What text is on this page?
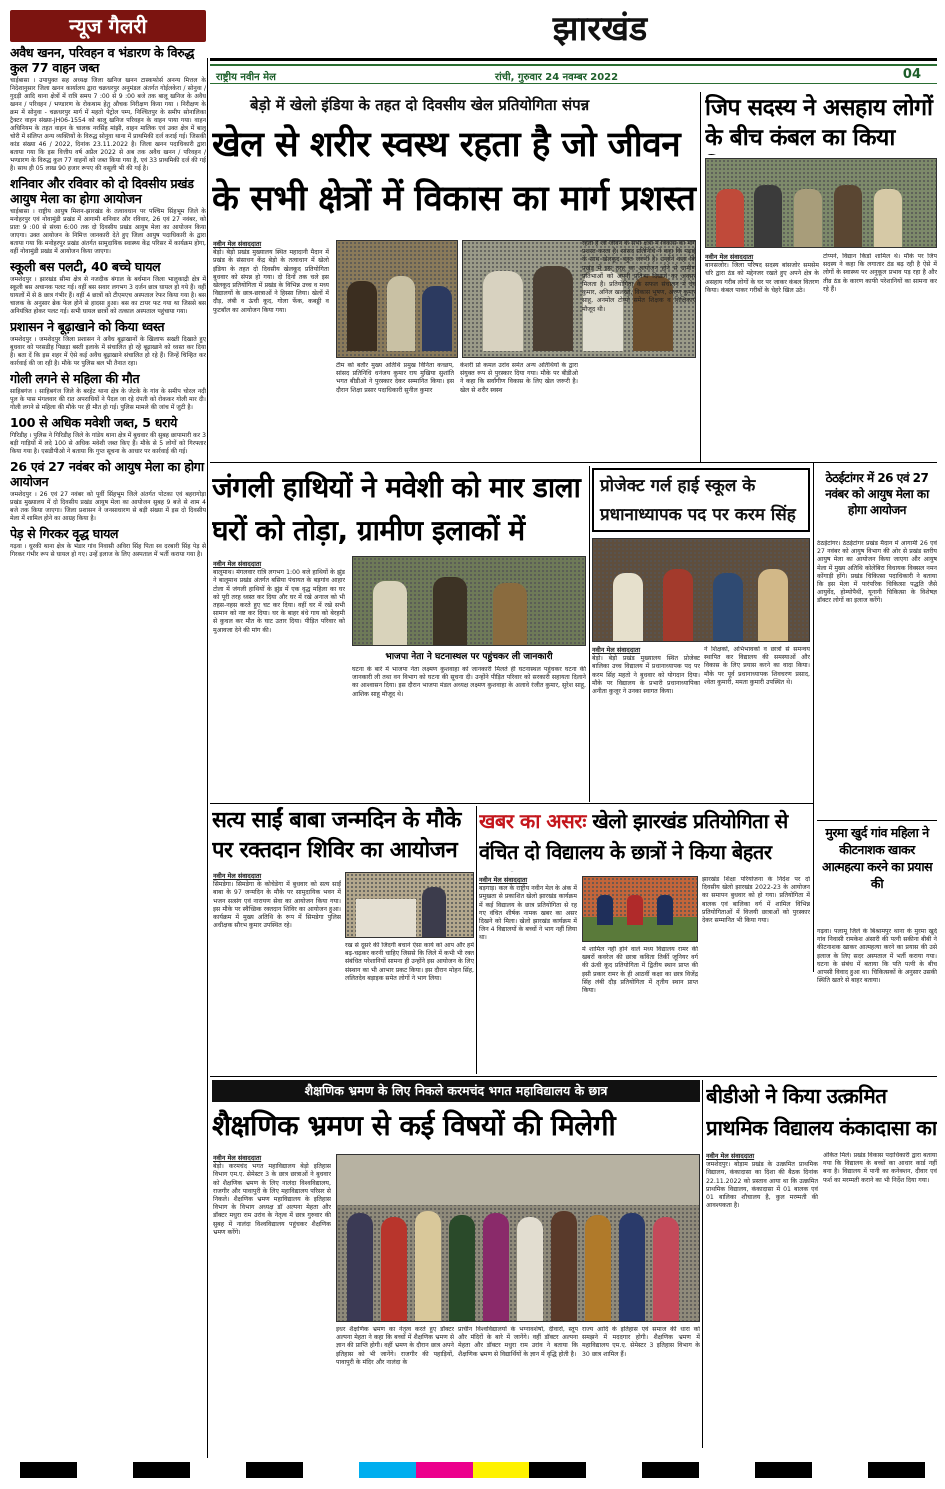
झारखंड
राष्ट्रीय नवीन मेल	रांची, गुरुवार 24 नवम्बर 2022	04
न्यूज गैलरी
अवैध खनन, परिवहन व भंडारण के विरुद्ध कुल 77 वाहन जब्त

चाईबासा । उपायुक्त सह अध्यक्ष जिला खनिज खनन टास्कफोर्स अनन्य मित्तल के निदेशानुसार जिला खनन कार्यालय द्वारा चक्रधरपुर अनुमंडल अंतर्गत गोईलकेरा / सोनुवा / गुदड़ी आदि थाना क्षेत्रों में रात्रि समय 7 :00 से 9 :00 बजे तक बालू खनिज के अवैध खनन / परिवहन / भण्डारण के रोकथाम हेतु औचक निरीक्षण किया गया । निरीक्षण के क्रम में सोनुवा - चक्रधरपुर मार्ग में महतो पेट्रोल पम्प, निश्चितपुर के समीप सोनालिका ट्रैक्टर वाहन संख्या-JH06-1554 को बालू खनिज परिवहन के वाहन पाया गया। वाहन अधिनियम के तहत वाहन के चालक नरसिंह मांझी, वाहन मालिक एवं उक्त क्षेत्र में बालू चोरी में संलिप्त अन्य व्यक्तियों के विरुद्ध सोनुवा थाना में प्राथमिकी दर्ज कराई गई। जिसकी कांड संख्या 46 / 2022, दिनांक 23.11.2022 है। जिला खनन पदाधिकारी द्वारा बताया गया कि इस वित्तीय वर्ष अप्रैल 2022 से अब तक अवैध खनन / परिवहन / भण्डारण के विरुद्ध कुल 77 वाहनों को जब्त किया गया है, एवं 33 प्राथमिकी दर्ज की गई है। साथ ही 05 लाख 90 हजार रूपए की वसूली भी की गई है।

शनिवार और रविवार को दो दिवसीय प्रखंड आयुष मेला का होगा आयोजन

चाईबासा । राष्ट्रीय आयुष मिशन-झारखंड के तत्वावधान पर पश्चिम सिंहभूम जिले के मनोहरपुर एवं नोवामुंडी प्रखंड में आगामी शनिवार और रविवार, 26 एवं 27 नवंबर, को प्रातः 9 :00 से संध्या 6:00 तक दो दिवसीय प्रखंड आयुष मेला का आयोजन किया जाएगा। उक्त आयोजन के निमित्त जानकारी देते हुए जिला आयुष पदाधिकारी के द्वारा बताया गया कि मनोहरपुर प्रखंड अंतर्गत सामुदायिक स्वास्थ्य केंद्र परिसर में कार्यक्रम होगा, वहीं नोवामुंडी प्रखंड में आयोजन किया जाएगा।

स्कूली बस पलटी, 40 बच्चे घायल

जमशेदपुर । झारखंड सीमा क्षेत्र से नजदीक बंगाल के बर्धमान जिला भालुकाद्री क्षेत्र में स्कूली बस अचानक पलट गई। वहीं बस सवार लगभग 3 दर्जन छात्र घायल हो गये हैं। वहीं घायलों में से 8 छात्र गंभीर हैं। वहीं 4 छात्रों को टीएमएच अस्पताल रेफर किया गया है। बस चालक के अनुसार ब्रेक फेल होने से हादसा हुआ। बस का टायर फट गया था जिससे बस अनियंत्रित होकर पलट गई। सभी घायल छात्रों को तत्काल अस्पताल पहुंचाया गया।

प्रशासन ने बूढ़ाखाने को किया ध्वस्त

जमशेदपुर । जमशेदपुर जिला प्रशासन ने अवैध बूढ़ाखानों के खिलाफ सख्ती दिखाते हुए बुधवार को परसडीह पिछड़ा बस्ती इलाके में संचालित हो रहे बूढ़ाखाने को ध्वस्त कर दिया है। बता दें कि इस शहर में ऐसे कई अवैध बूढ़ाखाने संचालित हो रहे हैं। जिन्हें चिन्हित कर कार्रवाई की जा रही है। मौके पर पुलिस बल भी तैनात रहा।

गोली लगने से महिला की मौत

साहिबगंज । साहिबगंज जिले के बरहेट थाना क्षेत्र के जेटके के गांव के समीप चोरल नदी पुल के पास मंगलवार की रात अपराधियों ने पैदल जा रहे दंपती को रोककर गोली मार दी। गोली लगने से महिला की मौके पर ही मौत हो गई। पुलिस मामले की जांच में जुटी है।

100 से अधिक मवेशी जब्त, 5 धराये

गिरिडीह । पुलिस ने गिरिडीह जिले के गांडेय थाना क्षेत्र में बुधवार की सुबह छापामारी कर 3 बड़ी गाड़ियों में लदे 100 से अधिक मवेशी जब्त किए हैं। मौके से 5 लोगों को गिरफ्तार किया गया है। एसडीपीओ ने बताया कि गुप्त सूचना के आधार पर कार्रवाई की गई।

26 एवं 27 नवंबर को आयुष मेला का होगा आयोजन

जमशेदपुर । 26 एवं 27 नवंबर को पूर्वी सिंहभूम जिले अंतर्गत पोटका एवं बहरागोड़ा प्रखंड मुख्यालय में दो दिवसीय प्रखंड आयुष मेला का आयोजन सुबह 9 बजे से शाम 4 बजे तक किया जाएगा। जिला प्रशासन ने जनसाधारण से बड़ी संख्या में इस दो दिवसीय मेला में शामिल होने का आग्रह किया है।

पेड़ से गिरकर वृद्ध घायल

गढ़वा । धुरकी थाना क्षेत्र के भंडार गांव निवासी अविरा सिंह पिता स्व दरबारी सिंह पेड़ से गिरकर गंभीर रूप से घायल हो गए। उन्हें इलाज के लिए अस्पताल में भर्ती कराया गया है।

बेड़ो में खेलो इंडिया के तहत दो दिवसीय खेल प्रतियोगिता संपन्न
खेल से शरीर स्वस्थ रहता है जो जीवन के सभी क्षेत्रों में विकास का मार्ग प्रशस्त
नवीन मेल संवाददाता
बेड़ो। बेड़ो प्रखंड मुख्यालय स्थित महादानी मैदान में प्रखंड के संसाधन केंद्र बेड़ो के तत्वाधान में खेलो इंडिया के तहत दो दिवसीय खेलकूद प्रतियोगिता बुधवार को संपन्न हो गया। दो दिनों तक चले इस खेलकूद प्रतियोगिता में प्रखंड के विभिन्न उच्च व मध्य विद्यालयों के छात्र-छात्राओं ने हिस्सा लिया। खेलों में दौड़, लंबी व ऊंची कूद, गोला फेंक, कबड्डी व फुटबॉल का आयोजन किया गया।
टीम को बतौर मुख्य अतिथि प्रमुख विनिता कच्छप, सांसद प्रतिनिधि धनंजय कुमार राय मुखिया सुशांति भगत बीडीओ ने पुरस्कार देकर सम्मानित किया। इस दौरान शिक्षा प्रसार पदाधिकारी सुनील कुमार
केशरी प्रो कमल उरांव समेत अन्य अतिथियों के द्वारा संयुक्त रूप से पुरस्कार दिया गया। मौके पर बीडीओ ने कहा कि सर्वांगीण विकास के लिए खेल जरूरी है। खेल से शरीर स्वस्थ
रहता है जो जीवन के सभी क्षेत्रों में विकास का मार्ग प्रशस्त करता है। सांसद प्रतिनिधि ने कहा कि पढ़ाई के साथ खेलकूद बहुत जरूरी है। उन्होंने कहा कि प्रखंड में इस तरह का आयोजन होने से ग्रामीण प्रतिभाओं को अपनी प्रतिभा दिखाने का अवसर मिलता है। प्रतियोगिता के सफल संचालन में देव कुमार, अनिल खलखो, विकास भूषण, अरुण कुमार साहू, अनमोल टोप्पो समेत शिक्षक व शिक्षिकाएं मौजूद थी।
जिप सदस्य ने असहाय लोगों के बीच कंबल का किया
नवीन मेल संवाददाता
बानसजोर। जिला परिषद सदस्य बांसजोर समसेम चरि द्वारा ठंड को मद्देनजर रखते हुए अपने क्षेत्र के असहाय गरीब लोगों के घर पर जाकर कंबल वितरण किया। कंबल पाकर गरीबों के चेहरे खिल उठे।
टोप्पने, विद्यान किंडो शामिल थे। मौके पर जिप सदस्य ने कहा कि लगातार ठंड बढ़ रही है ऐसे में लोगों के स्वास्थ्य पर अनुकूल प्रभाव पड़ रहा है और तीव्र ठंड के कारण काफी परेशानियों का सामना कर रहे हैं।
जंगली हाथियों ने मवेशी को मार डाला घरों को तोड़ा, ग्रामीण इलाकों में
नवीन मेल संवाददाता
बालूमाथ। मंगलवार रात्रि लगभग 1:00 बजे हाथियों के झुंड ने बालूमाथ प्रखंड अंतर्गत बसिया पंचायत के बड़गांव आहार टोला में जंगली हाथियों के झुंड में एक वृद्ध महिला का घर को पूरी तरह ध्वस्त कर दिया और घर में रखे अनाज को भी तहस-नहस करते हुए चट कर दिया। वहीं घर में रखे सभी सामान को नष्ट कर दिया। घर के बाहर बंधे गाय को बेरहमी से कुचल कर मौत के घाट उतार दिया। पीड़ित परिवार को मुआवजा देने की मांग की।
भाजपा नेता ने घटनास्थल पर पहुंचकर ली जानकारी
घटना के बारे में भाजपा नेता लक्ष्मण कुशवाहा को जानकारी मिलते ही घटनास्थल पहुंचकर घटना की जानकारी ली तथा वन विभाग को घटना की सूचना दी। उन्होंने पीड़ित परिवार को सरकारी सहायता दिलाने का आश्वासन दिया। इस दौरान भाजपा मंडल अध्यक्ष लक्ष्मण कुशवाहा के अलावे रंजीत कुमार, सुरेश साहू, आशिक साहू मौजूद थे।
प्रोजेक्ट गर्ल हाई स्कूल के प्रधानाध्यापक पद पर करम सिंह
नवीन मेल संवाददाता
बेड़ो। बेड़ो प्रखंड मुख्यालय स्थित प्रोजेक्ट बालिका उच्च विद्यालय में प्रधानाध्यापक पद पर करम सिंह महतो ने बुधवार को योगदान दिया। मौके पर विद्यालय के प्रभारी प्रधानाध्यापिका अनीता कुजूर ने उनका स्वागत किया।
ने शिक्षकों, अभिभावकों व छात्रों से समन्वय स्थापित कर विद्यालय की समस्याओं और विकास के लिए प्रयास करने का वादा किया। मौके पर पूर्व प्रधानाध्यापक शिवचरण प्रसाद, श्वेता कुमारी, ममता कुमारी उपस्थित थे।
ठेठईटांगर में 26 एवं 27 नवंबर को आयुष मेला का होगा आयोजन
ठेठईटांगर। ठेठईटांगर प्रखंड मैदान में आगामी 26 एवं 27 नवंबर को आयुष विभाग की ओर से प्रखंड स्तरीय आयुष मेला का आयोजन किया जाएगा और आयुष मेला में मुख्य अतिथि कोलेबिरा विधायक विक्सल नमन कोंगाड़ी होंगे। प्रखंड चिकित्सा पदाधिकारी ने बताया कि इस मेला में पारंपरिक चिकित्सा पद्धति जैसे आयुर्वेद, होम्योपैथी, यूनानी चिकित्सा के विशेषज्ञ डॉक्टर लोगों का इलाज करेंगे।
मुरमा खुर्द गांव महिला ने कीटनाशक खाकर आत्महत्या करने का प्रयास की
गढ़वा। पलामू जिले के बिश्रामपुर थाना के मुरमा खुर्द गांव निवासी रामकेश अंसारी की पत्नी सकीना बीबी ने कीटनाशक खाकर आत्महत्या करने का प्रयास की उसे इलाज के लिए सदर अस्पताल में भर्ती कराया गया। घटना के संबंध में बताया कि पति पत्नी के बीच आपसी विवाद हुआ था। चिकित्सकों के अनुसार उसकी स्थिति खतरे से बाहर बताया।
सत्य साईं बाबा जन्मदिन के मौके पर रक्तदान शिविर का आयोजन
नवीन मेल संवाददाता
सिमडेगा। सिमडेगा के कोचेडेगा में बुधवार को सत्य साईं बाबा के 97 जन्मदिन के मौके पर सामुदायिक भवन में भजन सत्संग एवं नारायण सेवा का आयोजन किया गया। इस मौके पर स्वैच्छिक रक्तदान शिविर का आयोजन हुआ। कार्यक्रम में मुख्य अतिथि के रूप में सिमडेगा पुलिस अधीक्षक सौरभ कुमार उपस्थित रहे।
रख से दूसरे की जिंदगी बचाने ऐसा कार्य को आप और हमें बढ़-चढ़कर करनी चाहिए जिससे कि जिले में कभी भी रक्त संबंधित परेशानियों सामना ही उन्होंने इस आयोजन के लिए संस्थान का भी आभार प्रकट किया। इस दौरान मोहन सिंह, ललितदेव बड़ाइक समेत लोगों ने भाग लिया।
खबर का असरः खेलो झारखंड प्रतियोगिता से वंचित दो विद्यालय के छात्रों ने किया बेहतर
नवीन मेल संवाददाता
बड़गाड़। कल के राष्ट्रीय नवीन मेल के अंक में प्रमुखता से प्रकाशित खेलो झारखंड कार्यक्रम में कई विद्यालय के छात्र प्रतियोगिता से रह गए वंचित शीर्षक नामक खबर का असर दिखने को मिला। खेलो झारखंड कार्यक्रम में जिन 4 विद्यालयों के बच्चों ने भाग नहीं लिया था।
में शामिल नहीं होने वाले मध्य विद्यालय रामर की खबरों कवरेज की छात्रा कविता तिर्की जूनियर वर्ग की ऊंची कूद प्रतियोगिता में द्वितीय स्थान प्राप्त की इसी प्रकार रामर के ही आठवीं कक्षा का छात्र विजेंद्र सिंह लंबी दौड़ प्रतियोगिता में तृतीय स्थान प्राप्त किया।
झारखंड शिक्षा परियोजना के निर्देश पर दो दिवसीय खेलो झारखंड 2022-23 के आयोजन का समापन बुधवार को हो गया। प्रतियोगिता में बालक एवं बालिका वर्ग में शामिल विभिन्न प्रतियोगिताओं में विजयी छात्राओं को पुरस्कार देकर सम्मानित भी किया गया।
शैक्षणिक भ्रमण के लिए निकले करमचंद भगत महाविद्यालय के छात्र
शैक्षणिक भ्रमण से कई विषयों की मिलेगी
नवीन मेल संवाददाता
बेड़ो। करमचंद भगत महाविद्यालय बेड़ो इतिहास विभाग एम.ए. सेमेस्टर 3 के छात्र छात्राओं ने बुधवार को शैक्षणिक भ्रमण के लिए नालंदा विश्वविद्यालय, राजगीर और पावापुरी के लिए महाविद्यालय परिसर से निकले। शैक्षणिक भ्रमण महाविद्यालय के इतिहास विभाग के विभाग अध्यक्ष डॉ अल्पना मेहता और डॉक्टर मधुरा राम उरांव के नेतृत्व में छात्र गुरुवार की सुबह में नालंदा विश्वविद्यालय पहुंचकर शैक्षणिक भ्रमण करेंगे।
इधर शैक्षणिक भ्रमण का नेतृत्व करते हुए डॉक्टर अल्पना मेहता ने कहा कि बच्चों में शैक्षणिक भ्रमण से ज्ञान की प्राप्ति होगी। वहीं भ्रमण के दौरान छात्र अपने इतिहास को भी जानेंगे। राजगीर की पहाड़ियों, पावापुरी के मंदिर और नालंदा के
प्राचीन विश्वविद्यालयों के भग्नावशेषों, दीवारों, स्तूप और मंदिरों के बारे में जानेंगे। वहीं डॉक्टर अल्पना मेहता और डॉक्टर मधुरा राम उरांव ने बताया कि शैक्षणिक भ्रमण से विद्यार्थियों के ज्ञान में वृद्धि होती है।
राज्य आदि के इतिहास एवं समाज की धारा को समझने में मददगार होगी। शैक्षणिक भ्रमण में महाविद्यालय एम.ए. सेमेस्टर 3 इतिहास विभाग के 30 छात्र शामिल हैं।
बीडीओ ने किया उत्क्रमित प्राथमिक विद्यालय कंकादासा का
नवीन मेल संवाददाता
जमशेदपुर। बोड़ाम प्रखंड के उत्क्रमित प्राथमिक विद्यालय, कंकादासा का दिशा की बैठक दिनांक 22.11.2022 को प्रस्ताव आया था कि उत्क्रमित प्राथमिक विद्यालय, कंकादासा में 01 बालक एवं 01 बालिका शौचालय है, कुल मरम्मती की आवश्यकता है।
अंकित मिले। प्रखंड विकास पदाधिकारी द्वारा बताया गया कि विद्यालय के बच्चों का आधार कार्ड नहीं बना है। विद्यालय में पानी का कनेक्शन, दीवार एवं फर्श का मरम्मती कराने का भी निर्देश दिया गया।
